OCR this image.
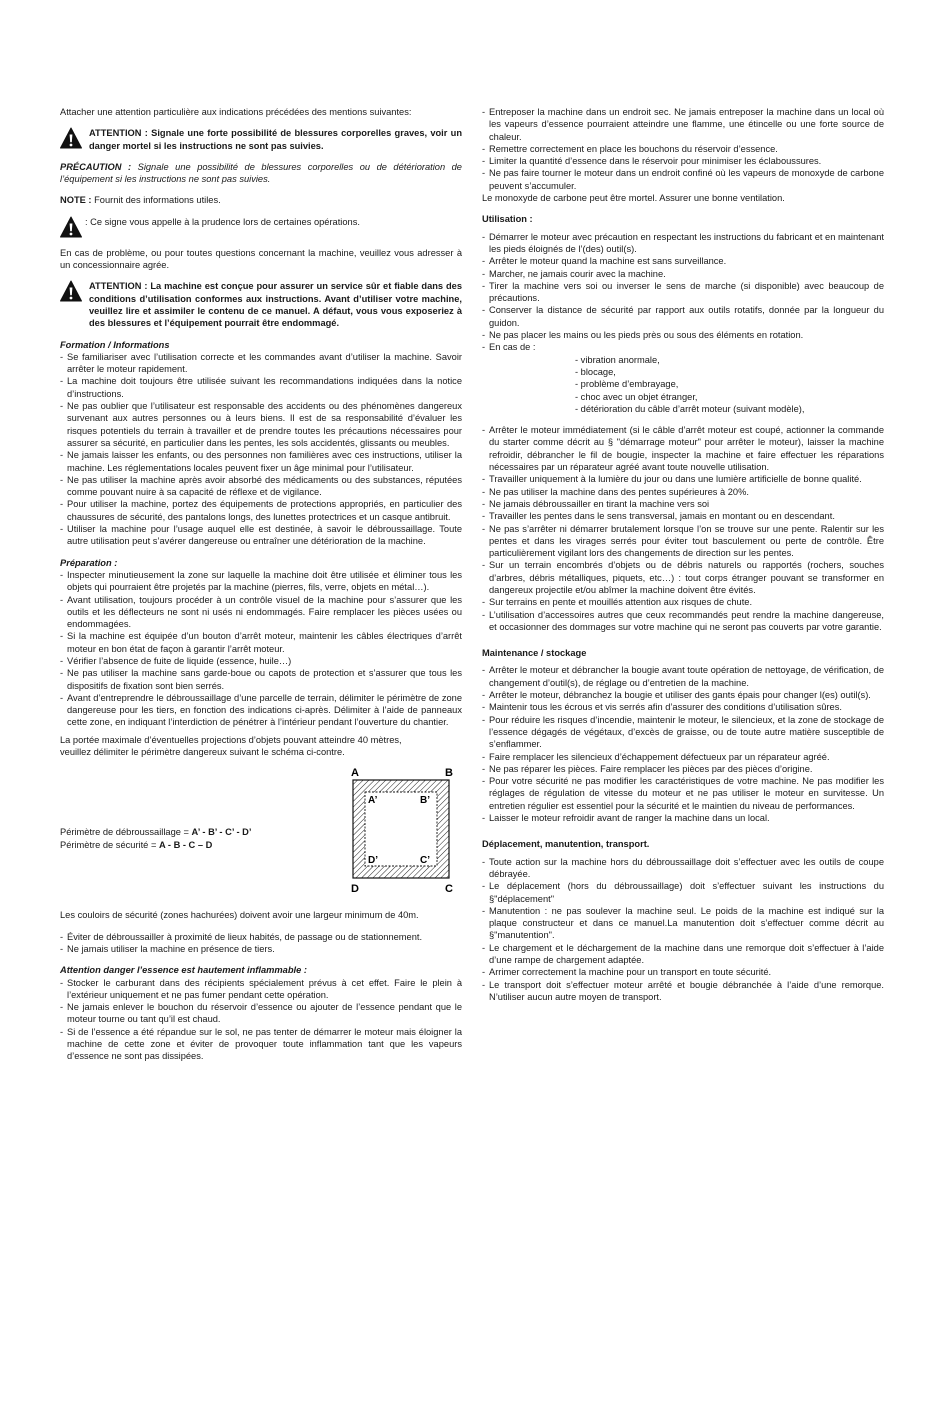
Attacher une attention particulière aux indications précédées des mentions suivantes:

ATTENTION : Signale une forte possibilité de blessures corporelles graves, voir un danger mortel si les instructions ne sont pas suivies.

PRÉCAUTION : Signale une possibilité de blessures corporelles ou de détérioration de l’équipement si les instructions ne sont pas suivies.

NOTE : Fournit des informations utiles.

: Ce signe vous appelle à la prudence lors de certaines opérations.

En cas de problème, ou pour toutes questions concernant la machine, veuillez vous adresser à un concessionnaire agrée.

ATTENTION : La machine est conçue pour assurer un service sûr et fiable dans des conditions d’utilisation conformes aux instructions. Avant d’utiliser votre machine, veuillez lire et assimiler le contenu de ce manuel. A défaut, vous vous exposeriez à des blessures et l’équipement pourrait être endommagé.

Formation / Informations

- Se familiariser avec l’utilisation correcte et les commandes avant d’utiliser la machine. Savoir arrêter le moteur rapidement.
- La machine doit toujours être utilisée suivant les recommandations indiquées dans la notice d’instructions.
- Ne pas oublier que l’utilisateur est responsable des accidents ou des phénomènes dangereux survenant aux autres personnes ou à leurs biens. Il est de sa responsabilité d’évaluer les risques potentiels du terrain à travailler et de prendre toutes les précautions nécessaires pour assurer sa sécurité, en particulier dans les pentes, les sols accidentés, glissants ou meubles.
- Ne jamais laisser les enfants, ou des personnes non familières avec ces instructions, utiliser la machine. Les réglementations locales peuvent fixer un âge minimal pour l’utilisateur.
- Ne pas utiliser la machine après avoir absorbé des médicaments ou des substances, réputées comme pouvant nuire à sa capacité de réflexe et de vigilance.
- Pour utiliser la machine, portez des équipements de protections appropriés, en particulier des chaussures de sécurité, des pantalons longs, des lunettes protectrices et un casque antibruit.
- Utiliser la machine pour l’usage auquel elle est destinée, à savoir le débroussaillage. Toute autre utilisation peut s’avérer dangereuse ou entraîner une détérioration de la machine.

Préparation :

- Inspecter minutieusement la zone sur laquelle la machine doit être utilisée et éliminer tous les objets qui pourraient être projetés par la machine (pierres, fils, verre, objets en métal…).
- Avant utilisation, toujours procéder à un contrôle visuel de la machine pour s’assurer que les outils et les déflecteurs ne sont ni usés ni endommagés. Faire remplacer les pièces usées ou endommagées.
- Si la machine est équipée d’un bouton d’arrêt moteur, maintenir les câbles électriques d’arrêt moteur en bon état de façon à garantir l’arrêt moteur.
- Vérifier l’absence de fuite de liquide (essence, huile…)
- Ne pas utiliser la machine sans garde-boue ou capots de protection et s’assurer que tous les dispositifs de fixation sont bien serrés.
- Avant d’entreprendre le débroussaillage d’une parcelle de terrain, délimiter le périmètre de zone dangereuse pour les tiers, en fonction des indications ci-après. Délimiter à l’aide de panneaux cette zone, en indiquant l’interdiction de pénétrer à l’intérieur pendant l’ouverture du chantier.

La portée maximale d’éventuelles projections d’objets pouvant atteindre 40 mètres, veuillez délimiter le périmètre dangereux suivant le schéma ci-contre.

Périmètre de débroussaillage = A’ - B’ - C’ - D’

Périmètre de sécurité = A - B - C – D

A	B
C
D
A’	B’
C’
D’

Les couloirs de sécurité (zones hachurées) doivent avoir une largeur minimum de 40m.

- Éviter de débroussailler à proximité de lieux habités, de passage ou de stationnement.
- Ne jamais utiliser la machine en présence de tiers.

Attention danger l’essence est hautement inflammable :

- Stocker le carburant dans des récipients spécialement prévus à cet effet. Faire le plein à l’extérieur uniquement et ne pas fumer pendant cette opération.
- Ne jamais enlever le bouchon du réservoir d’essence ou ajouter de l’essence pendant que le moteur tourne ou tant qu’il est chaud.
- Si de l’essence a été répandue sur le sol, ne pas tenter de démarrer le moteur mais éloigner la machine de cette zone et éviter de provoquer toute inflammation tant que les vapeurs d’essence ne sont pas dissipées.
- Entreposer la machine dans un endroit sec. Ne jamais entreposer la machine dans un local où les vapeurs d’essence pourraient atteindre une flamme, une étincelle ou une forte source de chaleur.
- Remettre correctement en place les bouchons du réservoir d’essence.
- Limiter la quantité d’essence dans le réservoir pour minimiser les éclaboussures.
- Ne pas faire tourner le moteur dans un endroit confiné où les vapeurs de monoxyde de carbone peuvent s’accumuler.

Le monoxyde de carbone peut être mortel. Assurer une bonne ventilation.

Utilisation :

- Démarrer le moteur avec précaution en respectant les instructions du fabricant et en maintenant les pieds éloignés de l’(des) outil(s).
- Arrêter le moteur quand la machine est sans surveillance.
- Marcher, ne jamais courir avec la machine.
- Tirer la machine vers soi ou inverser le sens de marche (si disponible) avec beaucoup de précautions.
- Conserver la distance de sécurité par rapport aux outils rotatifs, donnée par la longueur du guidon.
- Ne pas placer les mains ou les pieds près ou sous des éléments en rotation.
- En cas de :
- vibration anormale,
- blocage,
- problème d’embrayage,
- choc avec un objet étranger,
- détérioration du câble d’arrêt moteur (suivant modèle),
- Arrêter le moteur immédiatement (si le câble d’arrêt moteur est coupé, actionner la commande du starter comme décrit au § "démarrage moteur" pour arrêter le moteur), laisser la machine refroidir, débrancher le fil de bougie, inspecter la machine et faire effectuer les réparations nécessaires par un réparateur agréé avant toute nouvelle utilisation.
- Travailler uniquement à la lumière du jour ou dans une lumière artificielle de bonne qualité.
- Ne pas utiliser la machine dans des pentes supérieures à 20%.
- Ne jamais débroussailler en tirant la machine vers soi
- Travailler les pentes dans le sens transversal, jamais en montant ou en descendant.
- Ne pas s’arrêter ni démarrer brutalement lorsque l’on se trouve sur une pente. Ralentir sur les pentes et dans les virages serrés pour éviter tout basculement ou perte de contrôle. Être particulièrement vigilant lors des changements de direction sur les pentes.
- Sur un terrain encombrés d’objets ou de débris naturels ou rapportés (rochers, souches d’arbres, débris métalliques, piquets, etc…) : tout corps étranger pouvant se transformer en dangereux projectile et/ou abîmer la machine doivent être évités.
- Sur terrains en pente et mouillés attention aux risques de chute.
- L’utilisation d’accessoires autres que ceux recommandés peut rendre la machine dangereuse, et occasionner des dommages sur votre machine qui ne seront pas couverts par votre garantie.

Maintenance / stockage

- Arrêter le moteur et débrancher la bougie avant toute opération de nettoyage, de vérification, de changement d’outil(s), de réglage ou d’entretien de la machine.
- Arrêter le moteur, débranchez la bougie et utiliser des gants épais pour changer l(es) outil(s).
- Maintenir tous les écrous et vis serrés afin d’assurer des conditions d’utilisation sûres.
- Pour réduire les risques d’incendie, maintenir le moteur, le silencieux, et la zone de stockage de l’essence dégagés de végétaux, d’excès de graisse, ou de toute autre matière susceptible de s’enflammer.
- Faire remplacer les silencieux d’échappement défectueux par un réparateur agréé.
- Ne pas réparer les pièces. Faire remplacer les pièces par des pièces d’origine.
- Pour votre sécurité ne pas modifier les caractéristiques de votre machine. Ne pas modifier les réglages de régulation de vitesse du moteur et ne pas utiliser le moteur en survitesse. Un entretien régulier est essentiel pour la sécurité et le maintien du niveau de performances.
- Laisser le moteur refroidir avant de ranger la machine dans un local.

Déplacement, manutention, transport.

- Toute action sur la machine hors du débroussaillage doit s’effectuer avec les outils de coupe débrayée.
- Le déplacement (hors du débroussaillage) doit s’effectuer suivant les instructions du §"déplacement"
- Manutention : ne pas soulever la machine seul. Le poids de la machine est indiqué sur la plaque constructeur et dans ce manuel.La manutention doit s’effectuer comme décrit au §"manutention".
- Le chargement et le déchargement de la machine dans une remorque doit s’effectuer à l’aide d’une rampe de chargement adaptée.
- Arrimer correctement la machine pour un transport en toute sécurité.
- Le transport doit s’effectuer moteur arrêté et bougie débranchée à l’aide d’une remorque. N’utiliser aucun autre moyen de transport.
